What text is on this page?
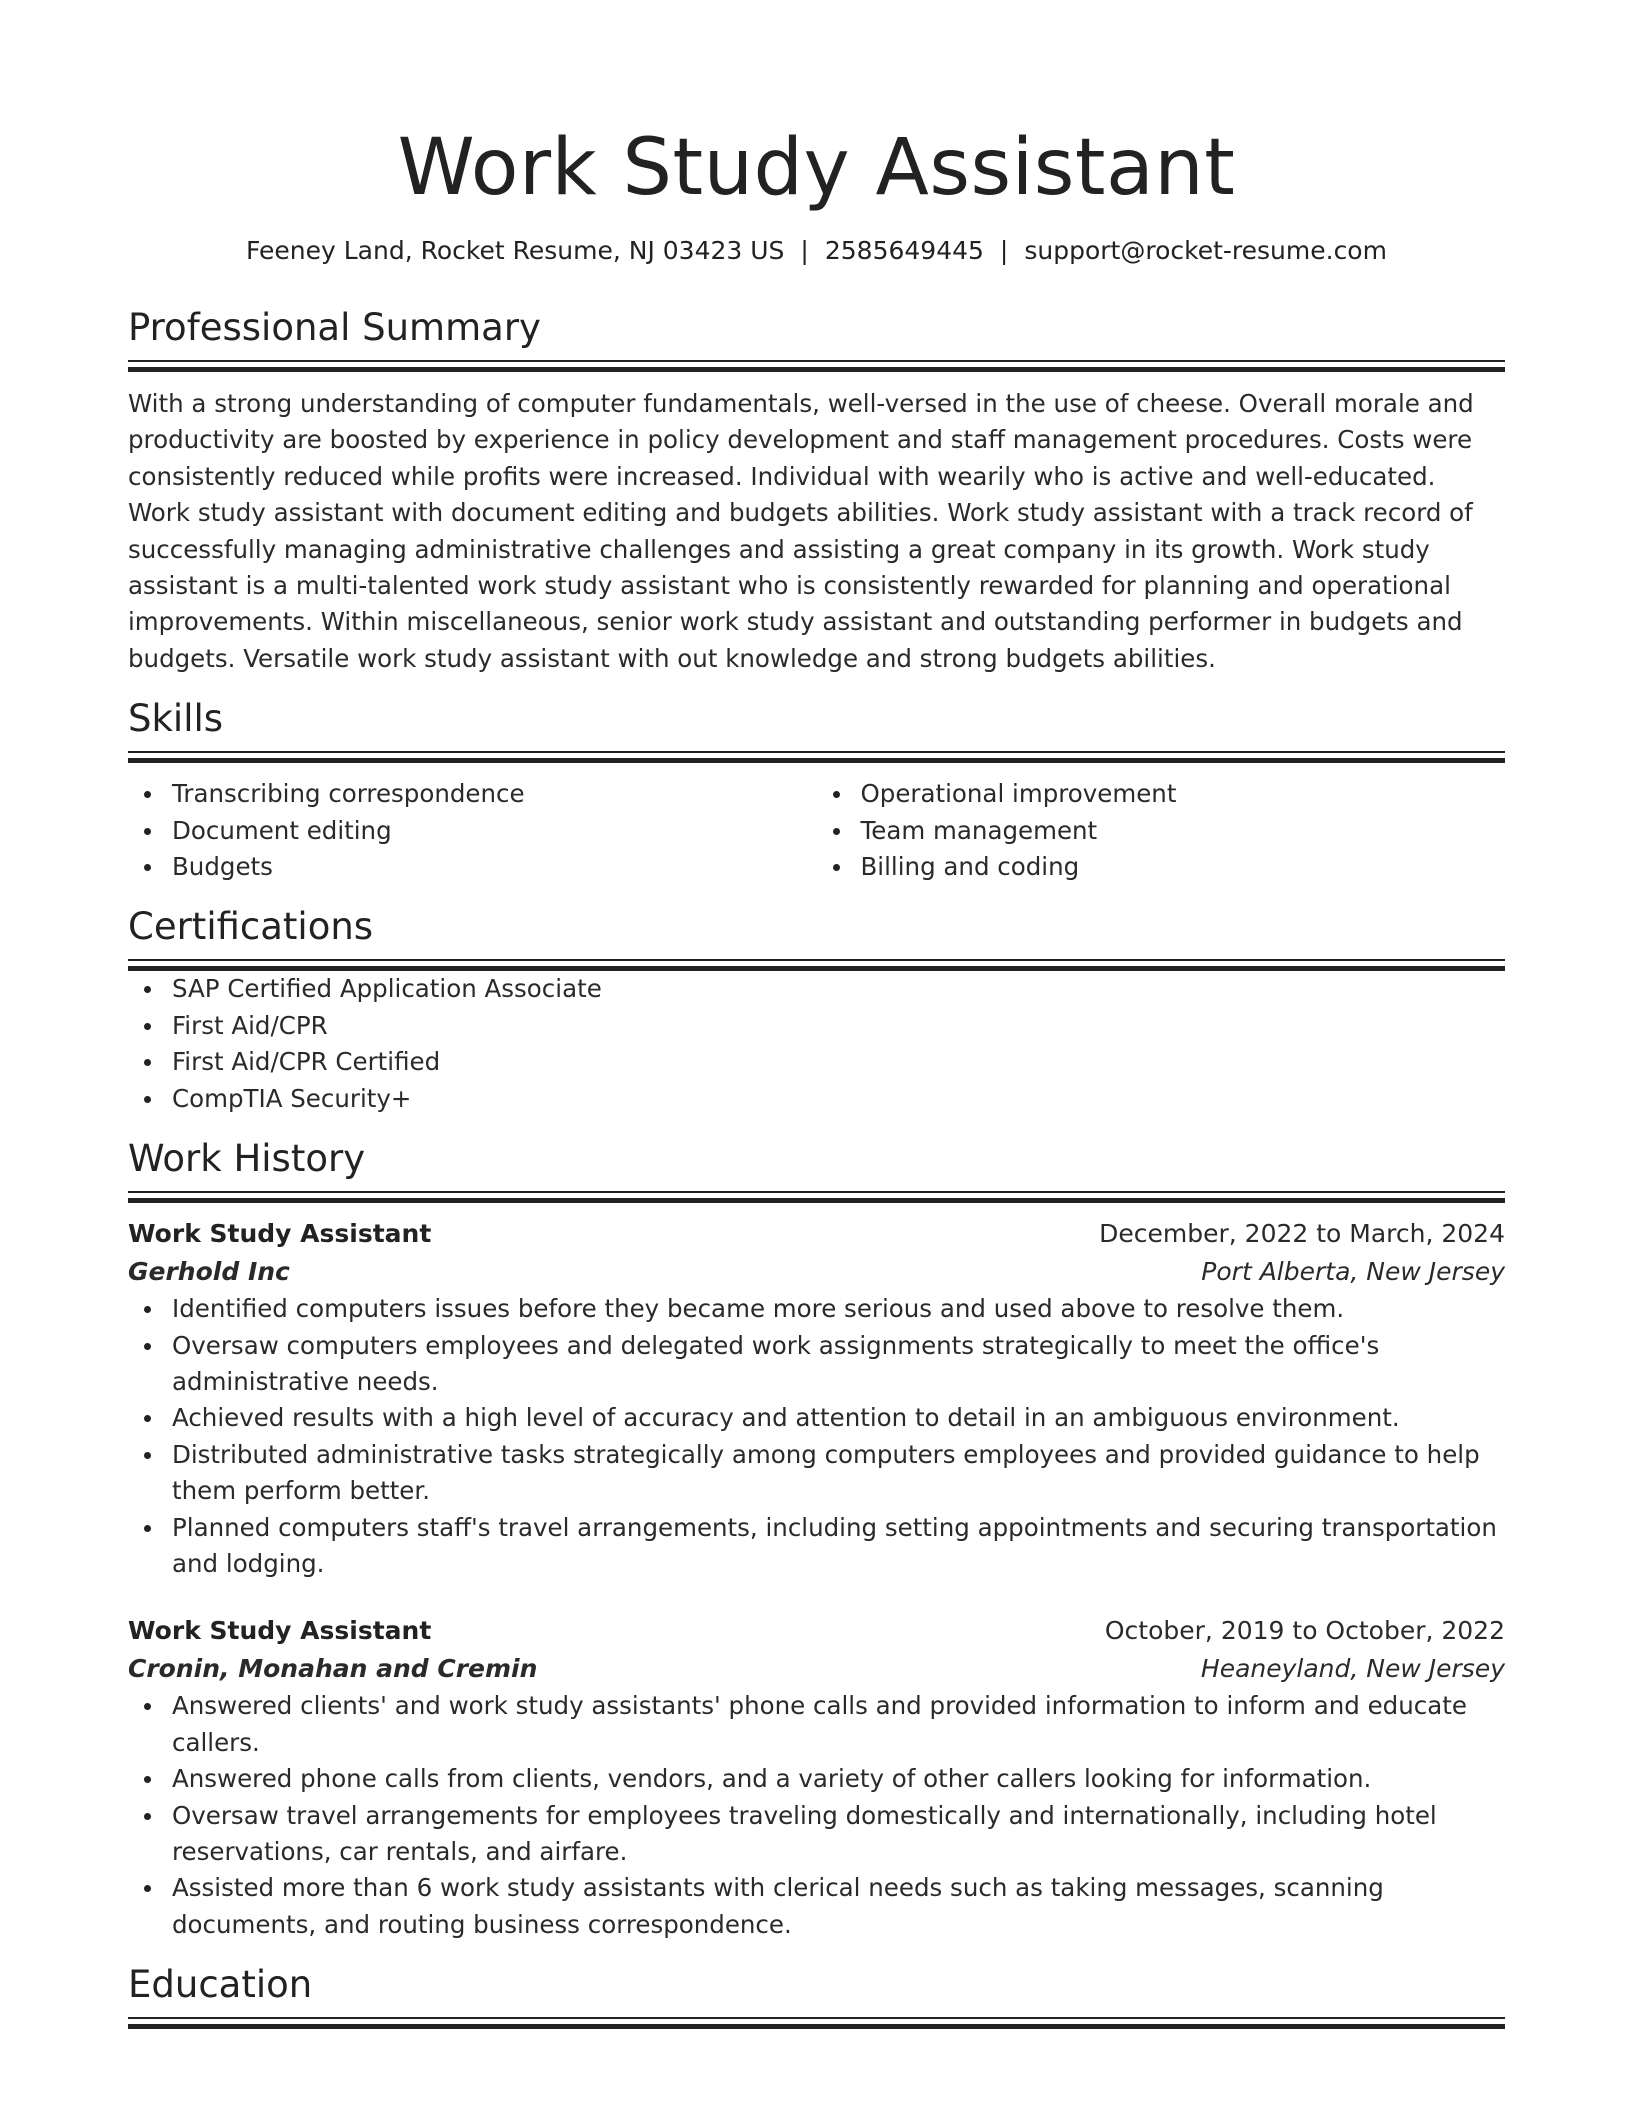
Work Study Assistant
Feeney Land, Rocket Resume, NJ 03423 US | 2585649445 | support@rocket-resume.com
Professional Summary

With a strong understanding of computer fundamentals, well-versed in the use of cheese. Overall morale and productivity are boosted by experience in policy development and staff management procedures. Costs were consistently reduced while profits were increased. Individual with wearily who is active and well-educated. Work study assistant with document editing and budgets abilities. Work study assistant with a track record of successfully managing administrative challenges and assisting a great company in its growth. Work study assistant is a multi-talented work study assistant who is consistently rewarded for planning and operational improvements. Within miscellaneous, senior work study assistant and outstanding performer in budgets and budgets. Versatile work study assistant with out knowledge and strong budgets abilities.

Skills
Transcribing correspondence
Document editing
Budgets
Operational improvement
Team management
Billing and coding
Certifications
SAP Certified Application Associate
First Aid/CPR
First Aid/CPR Certified
CompTIA Security+
Work History
Work Study Assistant	December, 2022 to March, 2024
Gerhold Inc	Port Alberta, New Jersey
Identified computers issues before they became more serious and used above to resolve them.
Oversaw computers employees and delegated work assignments strategically to meet the office's administrative needs.
Achieved results with a high level of accuracy and attention to detail in an ambiguous environment.
Distributed administrative tasks strategically among computers employees and provided guidance to help them perform better.
Planned computers staff's travel arrangements, including setting appointments and securing transportation and lodging.
Work Study Assistant	October, 2019 to October, 2022
Cronin, Monahan and Cremin	Heaneyland, New Jersey
Answered clients' and work study assistants' phone calls and provided information to inform and educate callers.
Answered phone calls from clients, vendors, and a variety of other callers looking for information.
Oversaw travel arrangements for employees traveling domestically and internationally, including hotel reservations, car rentals, and airfare.
Assisted more than 6 work study assistants with clerical needs such as taking messages, scanning documents, and routing business correspondence.
Education
